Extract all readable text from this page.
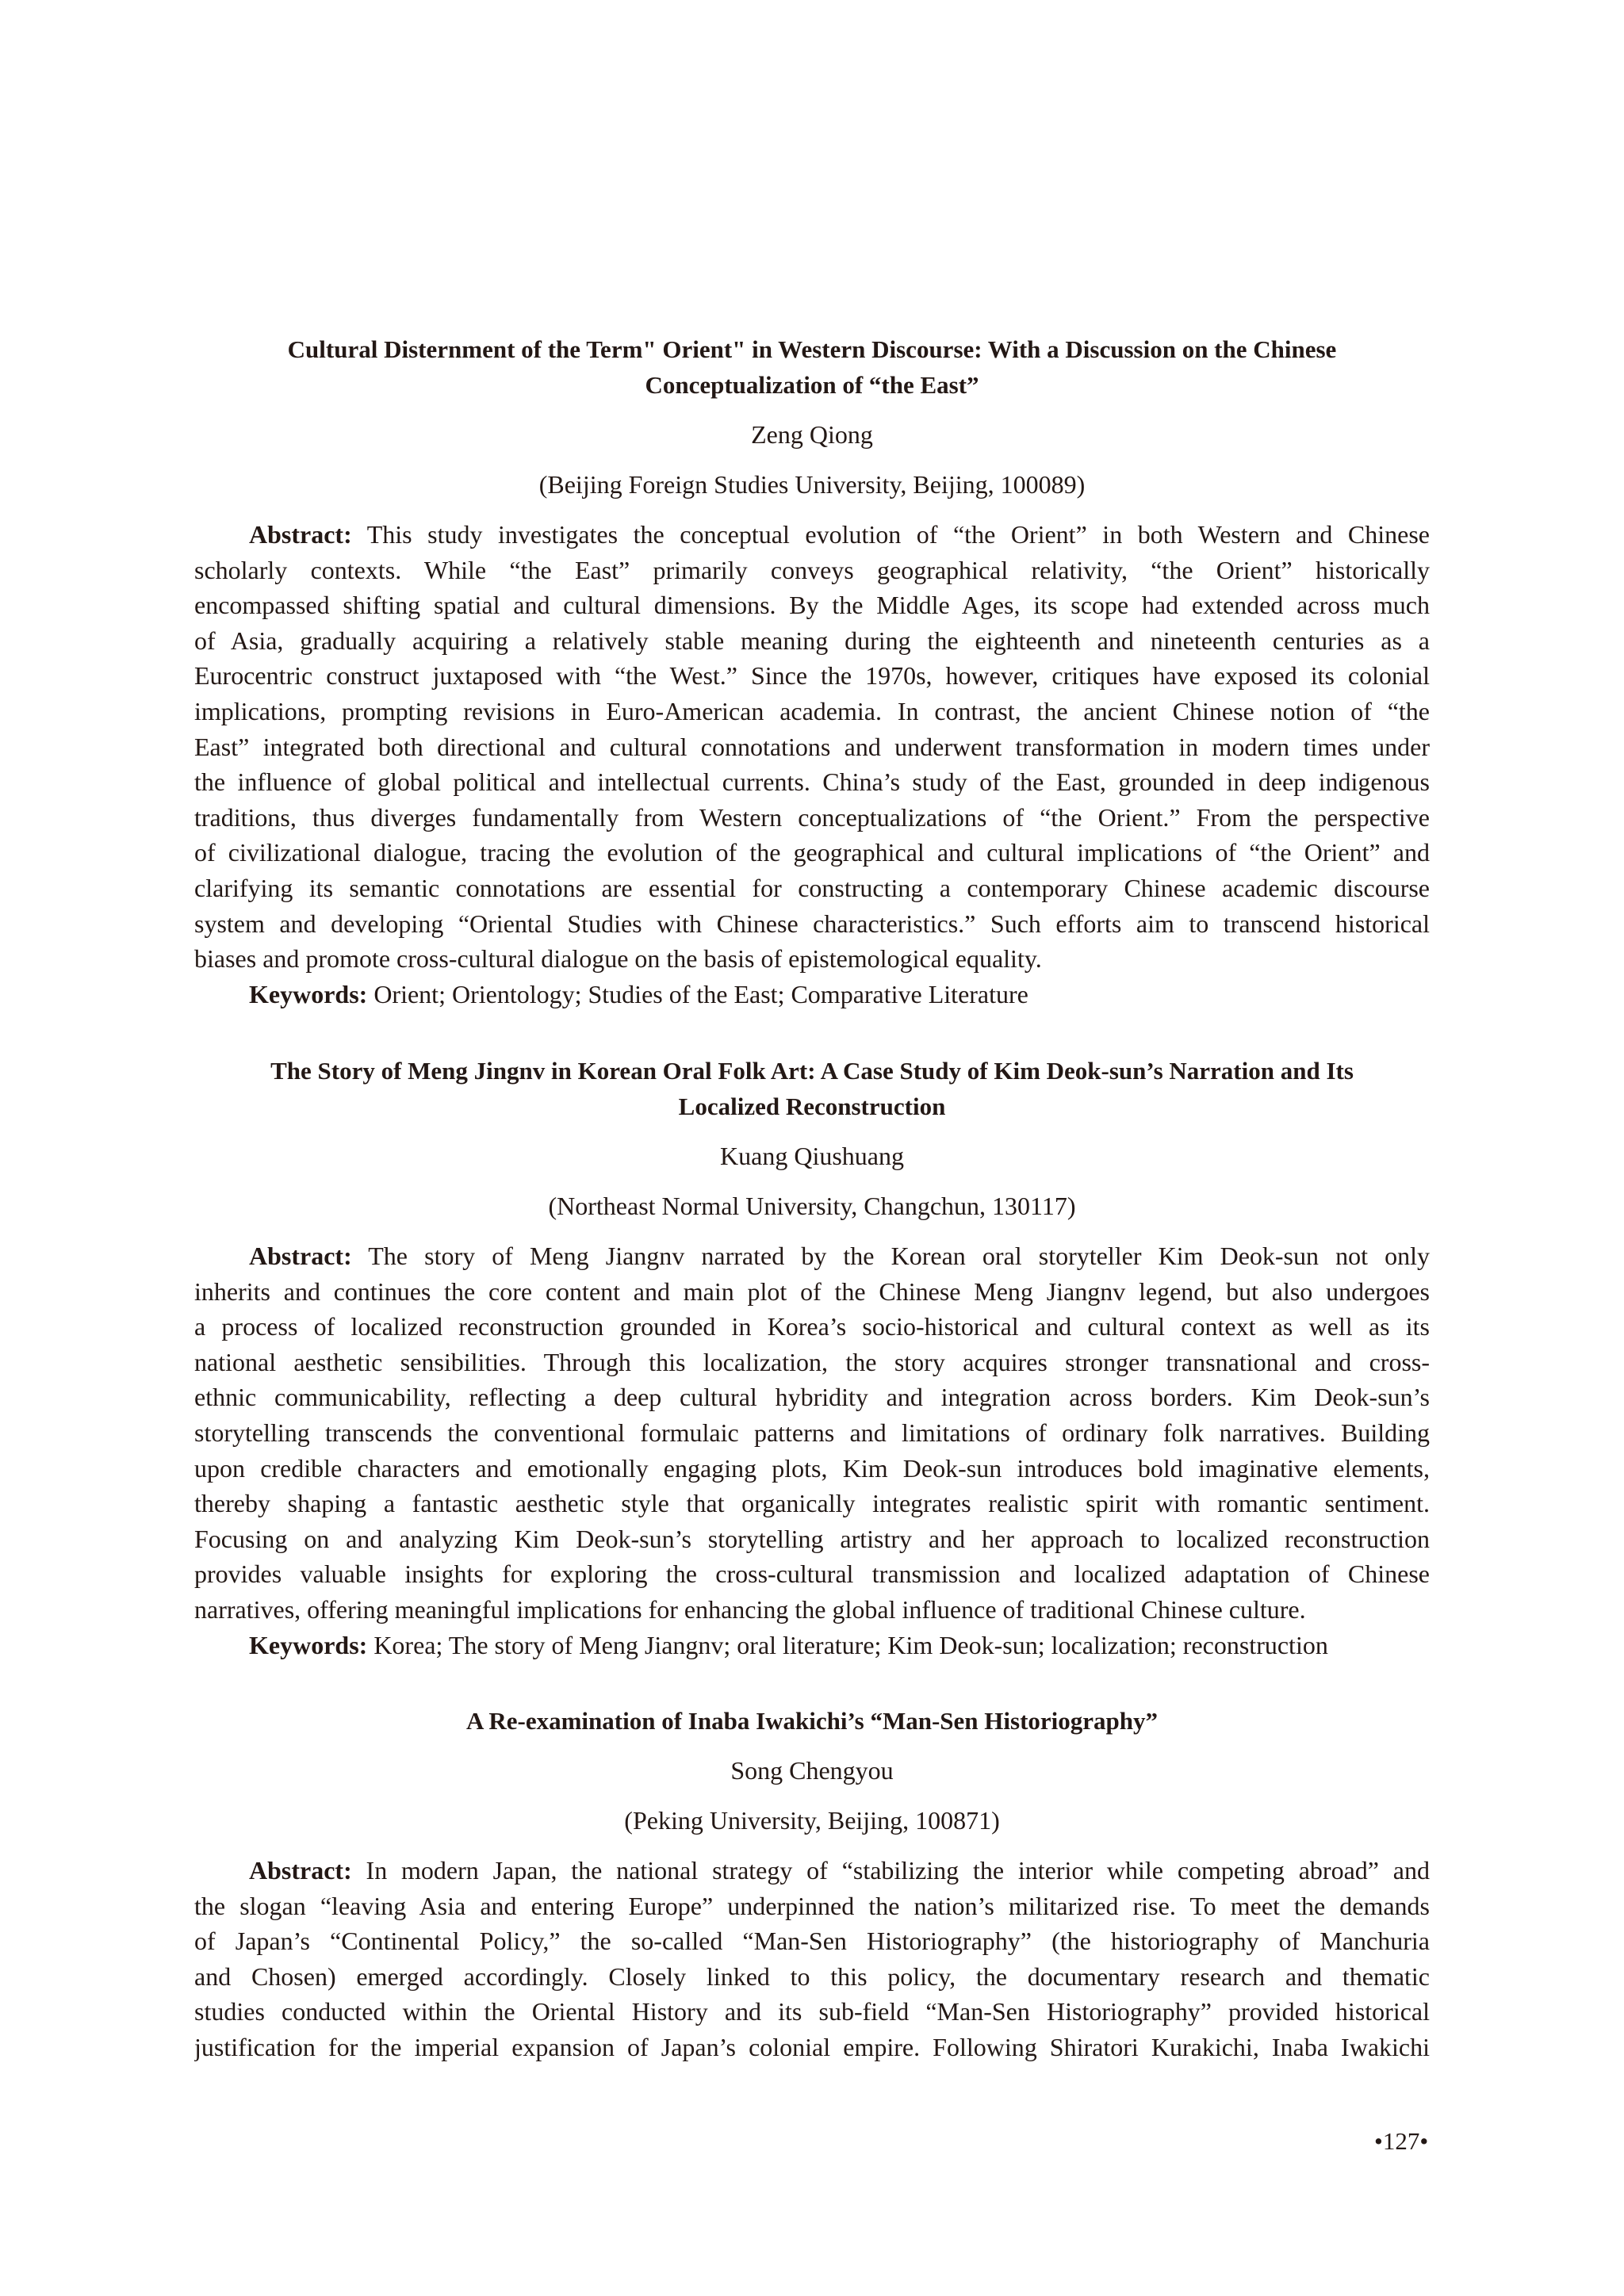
Cultural Disternment of the Term" Orient" in Western Discourse: With a Discussion on the Chinese
Conceptualization of “the East”
Zeng Qiong
(Beijing Foreign Studies University, Beijing, 100089)
Abstract: This study investigates the conceptual evolution of “the Orient” in both Western and Chinese
scholarly contexts. While “the East” primarily conveys geographical relativity, “the Orient” historically
encompassed shifting spatial and cultural dimensions. By the Middle Ages, its scope had extended across much
of Asia, gradually acquiring a relatively stable meaning during the eighteenth and nineteenth centuries as a
Eurocentric construct juxtaposed with “the West.” Since the 1970s, however, critiques have exposed its colonial
implications, prompting revisions in Euro-American academia. In contrast, the ancient Chinese notion of “the
East” integrated both directional and cultural connotations and underwent transformation in modern times under
the influence of global political and intellectual currents. China’s study of the East, grounded in deep indigenous
traditions, thus diverges fundamentally from Western conceptualizations of “the Orient.” From the perspective
of civilizational dialogue, tracing the evolution of the geographical and cultural implications of “the Orient” and
clarifying its semantic connotations are essential for constructing a contemporary Chinese academic discourse
system and developing “Oriental Studies with Chinese characteristics.” Such efforts aim to transcend historical
biases and promote cross-cultural dialogue on the basis of epistemological equality.
Keywords: Orient; Orientology; Studies of the East; Comparative Literature
The Story of Meng Jingnv in Korean Oral Folk Art: A Case Study of Kim Deok-sun’s Narration and Its
Localized Reconstruction
Kuang Qiushuang
(Northeast Normal University, Changchun, 130117)
Abstract: The story of Meng Jiangnv narrated by the Korean oral storyteller Kim Deok-sun not only
inherits and continues the core content and main plot of the Chinese Meng Jiangnv legend, but also undergoes
a process of localized reconstruction grounded in Korea’s socio-historical and cultural context as well as its
national aesthetic sensibilities. Through this localization, the story acquires stronger transnational and cross-
ethnic communicability, reflecting a deep cultural hybridity and integration across borders. Kim Deok-sun’s
storytelling transcends the conventional formulaic patterns and limitations of ordinary folk narratives. Building
upon credible characters and emotionally engaging plots, Kim Deok-sun introduces bold imaginative elements,
thereby shaping a fantastic aesthetic style that organically integrates realistic spirit with romantic sentiment.
Focusing on and analyzing Kim Deok-sun’s storytelling artistry and her approach to localized reconstruction
provides valuable insights for exploring the cross-cultural transmission and localized adaptation of Chinese
narratives, offering meaningful implications for enhancing the global influence of traditional Chinese culture.
Keywords: Korea; The story of Meng Jiangnv; oral literature; Kim Deok-sun; localization; reconstruction
A Re-examination of Inaba Iwakichi’s “Man-Sen Historiography”
Song Chengyou
(Peking University, Beijing, 100871)
Abstract: In modern Japan, the national strategy of “stabilizing the interior while competing abroad” and
the slogan “leaving Asia and entering Europe” underpinned the nation’s militarized rise. To meet the demands
of Japan’s “Continental Policy,” the so-called “Man-Sen Historiography” (the historiography of Manchuria
and Chosen) emerged accordingly. Closely linked to this policy, the documentary research and thematic
studies conducted within the Oriental History and its sub-field “Man-Sen Historiography” provided historical
justification for the imperial expansion of Japan’s colonial empire. Following Shiratori Kurakichi, Inaba Iwakichi
•127•
